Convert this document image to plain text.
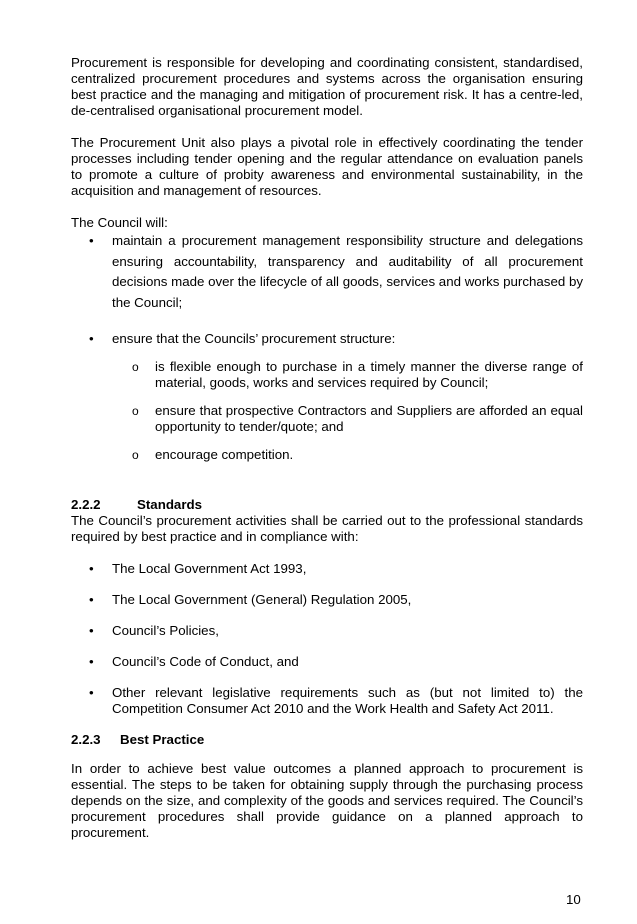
Procurement is responsible for developing and coordinating consistent, standardised, centralized procurement procedures and systems across the organisation ensuring best practice and the managing and mitigation of procurement risk. It has a centre-led, de-centralised organisational procurement model.

The Procurement Unit also plays a pivotal role in effectively coordinating the tender processes including tender opening and the regular attendance on evaluation panels to promote a culture of probity awareness and environmental sustainability, in the acquisition and management of resources.

The Council will:

• maintain a procurement management responsibility structure and delegations ensuring accountability, transparency and auditability of all procurement decisions made over the lifecycle of all goods, services and works purchased by the Council;

• ensure that the Councils’ procurement structure:

o is flexible enough to purchase in a timely manner the diverse range of material, goods, works and services required by Council;

o ensure that prospective Contractors and Suppliers are afforded an equal opportunity to tender/quote; and

o encourage competition.

2.2.2	Standards

The Council’s procurement activities shall be carried out to the professional standards required by best practice and in compliance with:

• The Local Government Act 1993,

• The Local Government (General) Regulation 2005,

• Council’s Policies,

• Council’s Code of Conduct, and

• Other relevant legislative requirements such as (but not limited to) the Competition Consumer Act 2010 and the Work Health and Safety Act 2011.

2.2.3	Best Practice

In order to achieve best value outcomes a planned approach to procurement is essential. The steps to be taken for obtaining supply through the purchasing process depends on the size, and complexity of the goods and services required. The Council’s procurement procedures shall provide guidance on a planned approach to procurement.

10
